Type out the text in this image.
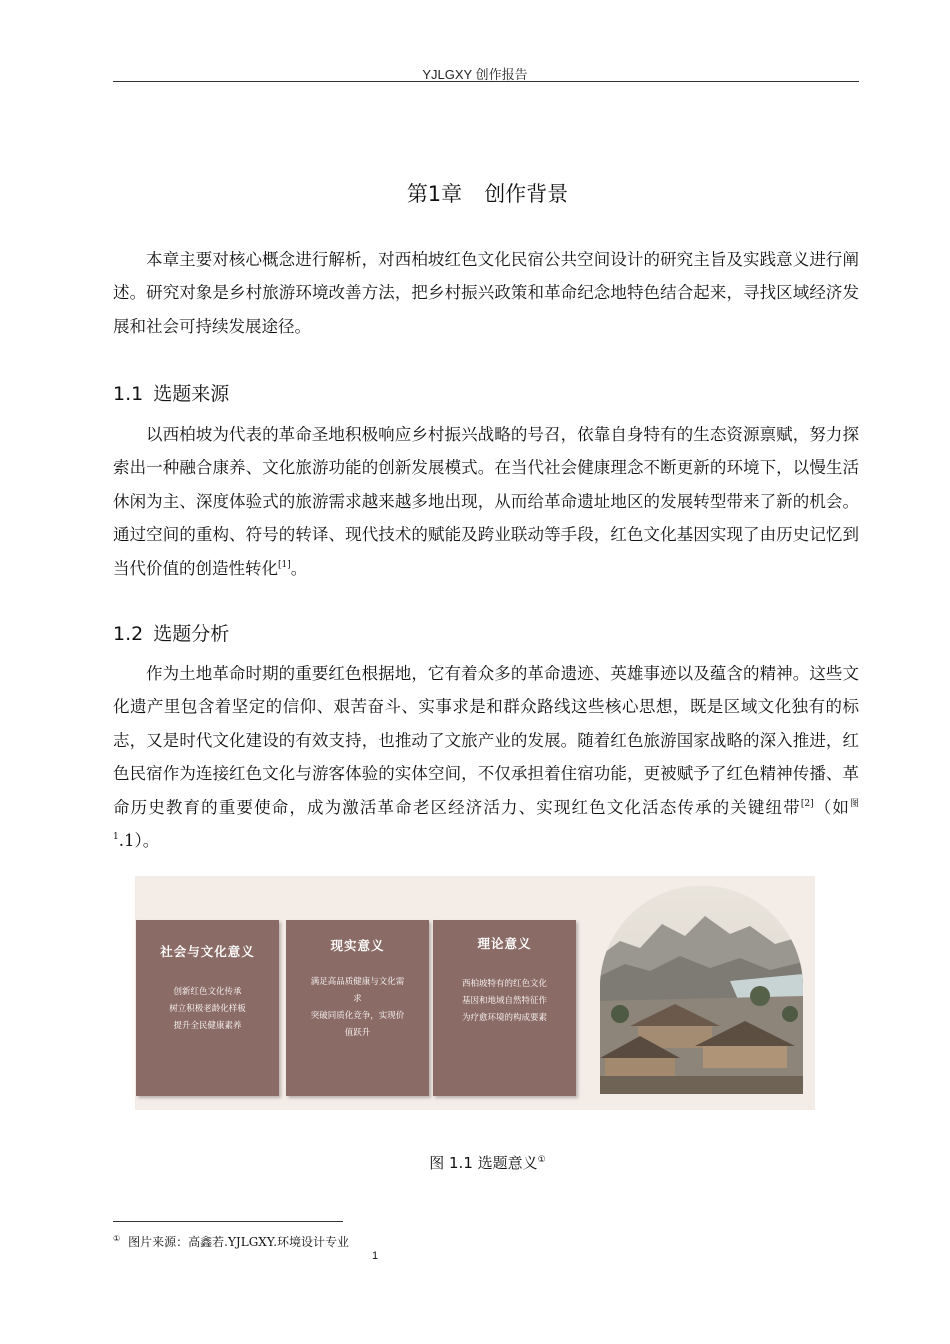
YJLGXY 创作报告
第1章 创作背景

本章主要对核心概念进行解析，对西柏坡红色文化民宿公共空间设计的研究主旨及实践意义进行阐述。研究对象是乡村旅游环境改善方法，把乡村振兴政策和革命纪念地特色结合起来，寻找区域经济发展和社会可持续发展途径。

1.1 选题来源

以西柏坡为代表的革命圣地积极响应乡村振兴战略的号召，依靠自身特有的生态资源禀赋，努力探索出一种融合康养、文化旅游功能的创新发展模式。在当代社会健康理念不断更新的环境下，以慢生活休闲为主、深度体验式的旅游需求越来越多地出现，从而给革命遗址地区的发展转型带来了新的机会。通过空间的重构、符号的转译、现代技术的赋能及跨业联动等手段，红色文化基因实现了由历史记忆到当代价值的创造性转化[1]。

1.2 选题分析

作为土地革命时期的重要红色根据地，它有着众多的革命遗迹、英雄事迹以及蕴含的精神。这些文化遗产里包含着坚定的信仰、艰苦奋斗、实事求是和群众路线这些核心思想，既是区域文化独有的标志，又是时代文化建设的有效支持，也推动了文旅产业的发展。随着红色旅游国家战略的深入推进，红色民宿作为连接红色文化与游客体验的实体空间，不仅承担着住宿功能，更被赋予了红色精神传播、革命历史教育的重要使命，成为激活革命老区经济活力、实现红色文化活态传承的关键纽带[2]（如$^{图 1}$.1）。

社会与文化意义
创新红色文化传承
树立积极老龄化样板
提升全民健康素养
现实意义
满足高品质健康与文化需
求
突破同质化竞争，实现价
值跃升
理论意义
西柏坡特有的红色文化
基因和地域自然特征作
为疗愈环境的构成要素
图 1.1 选题意义①
① 图片来源：高鑫若.YJLGXY.环境设计专业
1
